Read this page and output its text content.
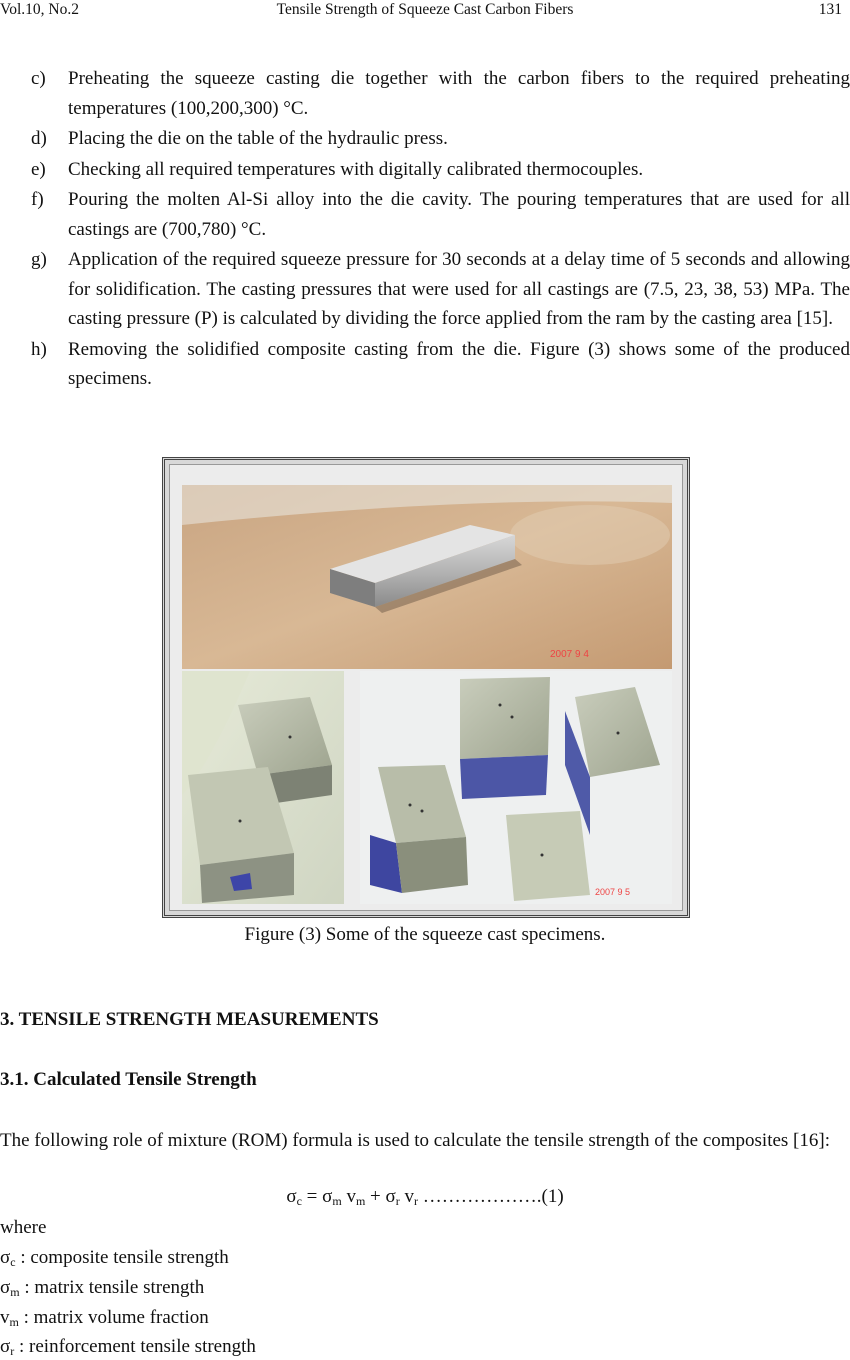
Vol.10, No.2	Tensile Strength of Squeeze Cast Carbon Fibers	131
c) Preheating the squeeze casting die together with the carbon fibers to the required preheating temperatures (100,200,300) °C.
d) Placing the die on the table of the hydraulic press.
e) Checking all required temperatures with digitally calibrated thermocouples.
f) Pouring the molten Al-Si alloy into the die cavity. The pouring temperatures that are used for all castings are (700,780) °C.
g) Application of the required squeeze pressure for 30 seconds at a delay time of 5 seconds and allowing for solidification. The casting pressures that were used for all castings are (7.5, 23, 38, 53) MPa. The casting pressure (P) is calculated by dividing the force applied from the ram by the casting area [15].
h) Removing the solidified composite casting from the die. Figure (3) shows some of the produced specimens.
2007 9 4
2007 9 5
Figure (3) Some of the squeeze cast specimens.
3. TENSILE STRENGTH MEASUREMENTS
3.1. Calculated Tensile Strength
The following role of mixture (ROM) formula is used to calculate the tensile strength of the composites [16]:
$\sigma_c = \sigma_m$ $v_m + \sigma_r$ $v_r$ ……………….(1)
where
$\sigma_c$ : composite tensile strength
$\sigma_m$ : matrix tensile strength
$v_m$ : matrix volume fraction
$\sigma_r$ : reinforcement tensile strength
